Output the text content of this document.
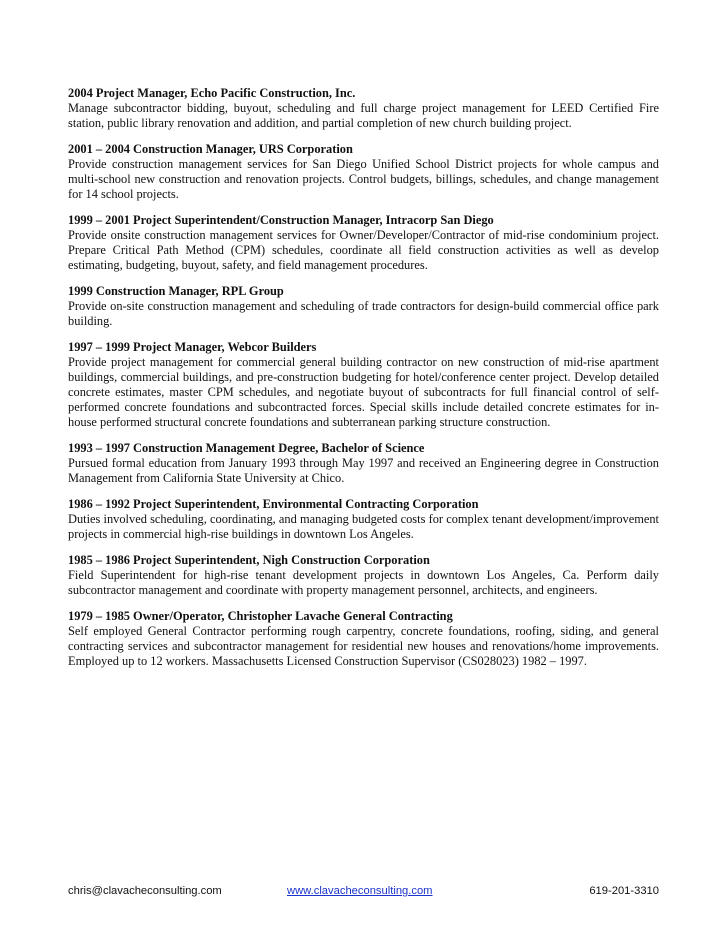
2004 Project Manager, Echo Pacific Construction, Inc.

Manage subcontractor bidding, buyout, scheduling and full charge project management for LEED Certified Fire station, public library renovation and addition, and partial completion of new church building project.

2001 – 2004 Construction Manager, URS Corporation

Provide construction management services for San Diego Unified School District projects for whole campus and multi-school new construction and renovation projects. Control budgets, billings, schedules, and change management for 14 school projects.

1999 – 2001 Project Superintendent/Construction Manager, Intracorp San Diego

Provide onsite construction management services for Owner/Developer/Contractor of mid-rise condominium project. Prepare Critical Path Method (CPM) schedules, coordinate all field construction activities as well as develop estimating, budgeting, buyout, safety, and field management procedures.

1999 Construction Manager, RPL Group

Provide on-site construction management and scheduling of trade contractors for design-build commercial office park building.

1997 – 1999 Project Manager, Webcor Builders

Provide project management for commercial general building contractor on new construction of mid-rise apartment buildings, commercial buildings, and pre-construction budgeting for hotel/conference center project. Develop detailed concrete estimates, master CPM schedules, and negotiate buyout of subcontracts for full financial control of self-performed concrete foundations and subcontracted forces. Special skills include detailed concrete estimates for in-house performed structural concrete foundations and subterranean parking structure construction.

1993 – 1997 Construction Management Degree, Bachelor of Science

Pursued formal education from January 1993 through May 1997 and received an Engineering degree in Construction Management from California State University at Chico.

1986 – 1992 Project Superintendent, Environmental Contracting Corporation

Duties involved scheduling, coordinating, and managing budgeted costs for complex tenant development/improvement projects in commercial high-rise buildings in downtown Los Angeles.

1985 – 1986 Project Superintendent, Nigh Construction Corporation

Field Superintendent for high-rise tenant development projects in downtown Los Angeles, Ca. Perform daily subcontractor management and coordinate with property management personnel, architects, and engineers.

1979 – 1985 Owner/Operator, Christopher Lavache General Contracting

Self employed General Contractor performing rough carpentry, concrete foundations, roofing, siding, and general contracting services and subcontractor management for residential new houses and renovations/home improvements. Employed up to 12 workers. Massachusetts Licensed Construction Supervisor (CS028023) 1982 – 1997.

chris@clavacheconsulting.com	www.clavacheconsulting.com	619-201-3310
